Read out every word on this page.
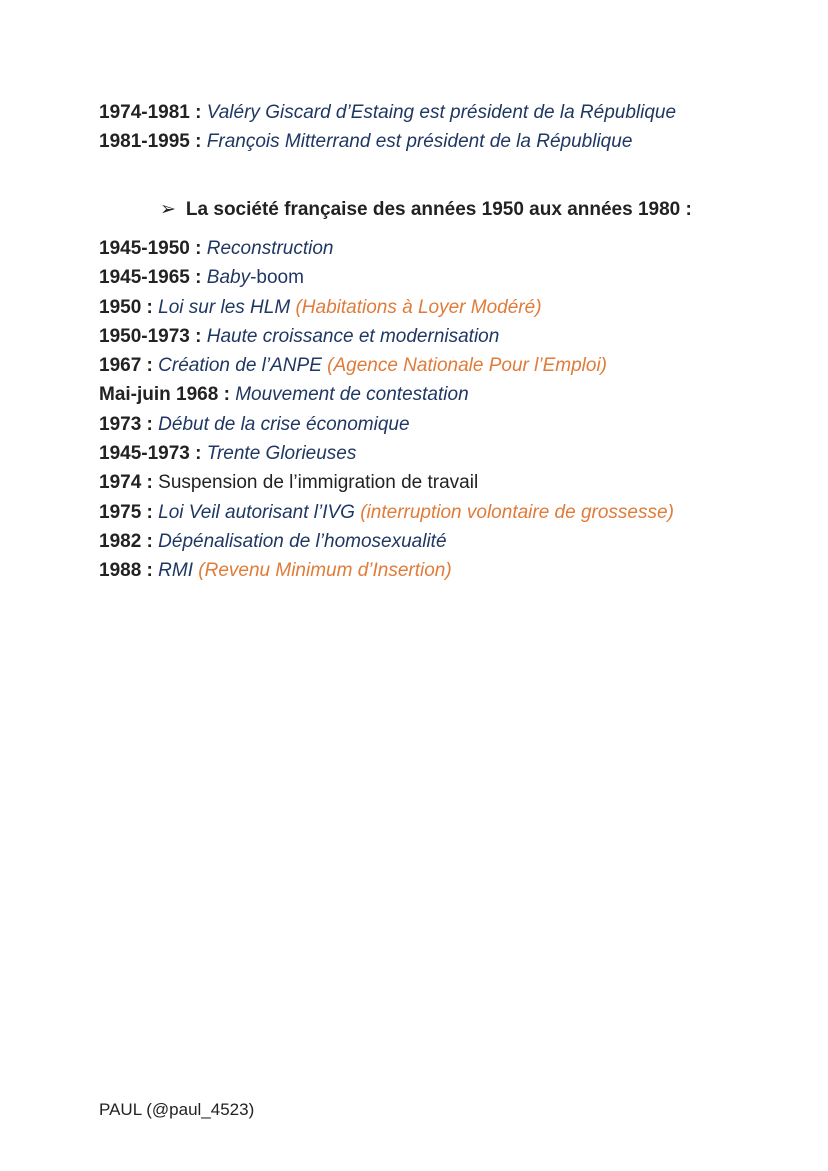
1974-1981 : Valéry Giscard d’Estaing est président de la République
1981-1995 : François Mitterrand est président de la République
➢ La société française des années 1950 aux années 1980 :
1945-1950 : Reconstruction
1945-1965 : Baby-boom
1950 : Loi sur les HLM (Habitations à Loyer Modéré)
1950-1973 : Haute croissance et modernisation
1967 : Création de l’ANPE (Agence Nationale Pour l’Emploi)
Mai-juin 1968 : Mouvement de contestation
1973 : Début de la crise économique
1945-1973 : Trente Glorieuses
1974 : Suspension de l’immigration de travail
1975 : Loi Veil autorisant l’IVG (interruption volontaire de grossesse)
1982 : Dépénalisation de l’homosexualité
1988 : RMI (Revenu Minimum d’Insertion)
PAUL (@paul_4523)
